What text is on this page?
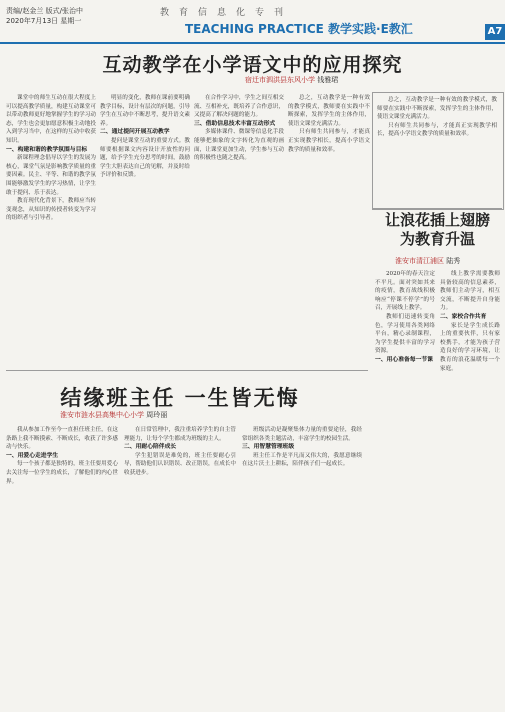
责编/赵金兰 版式/张治中
2020年7月13日 星期一
教育信息化专刊
TEACHING PRACTICE 教学实践·E教汇	A7
互动教学在小学语文中的应用探究
宿迁市泗洪县东风小学 钱雅珺

课堂中的师生互动在很大程度上可以提高教学质量，构建互动课堂可以带动教师更好地掌握学生的学习动态，学生也会更加愿意积极主动地投入到学习当中，在这样的互动中收获知识。

一、构建和谐的教学氛围与目标

新课程理念倡导以学生的发展为核心，课堂气氛是影响教学质量的重要因素。民主、平等、和谐的教学氛围能够激发学生的学习热情，让学生敢于提问、乐于表达。

教育现代化背景下，教师应当转变观念，从知识的传授者转变为学习的组织者与引导者。

明显的变化，教师在课前要明确教学目标，设计有层次的问题，引导学生在互动中不断思考，提升语文素养。

二、通过提问开展互动教学

提问是课堂互动的重要方式。教师要根据课文内容设计开放性的问题，给予学生充分思考的时间，鼓励学生大胆表达自己的见解，并及时给予评价和反馈。

在合作学习中，学生之间互相交流、互相补充，既培养了合作意识，又提高了解决问题的能力。

三、借助信息技术丰富互动形式

多媒体课件、微课等信息化手段能够把抽象的文字转化为直观的画面，让课堂更加生动，学生参与互动的积极性也随之提高。

总之，互动教学是一种有效的教学模式，教师要在实践中不断探索，发挥学生的主体作用，使语文课堂充满活力。

只有师生共同参与，才能真正实现教学相长，提高小学语文教学的质量和效率。

总之，互动教学是一种有效的教学模式，教师要在实践中不断探索，发挥学生的主体作用，使语文课堂充满活力。

只有师生共同参与，才能真正实现教学相长，提高小学语文教学的质量和效率。

让浪花插上翅膀
为教育升温
淮安市清江浦区 陆秀

2020年的春天注定不平凡。面对突如其来的疫情，教育战线积极响应“停课不停学”的号召，开展线上教学。

教师们迅速转变角色，学习使用各类网络平台，精心录制课程，为学生提供丰富的学习资源。

一、用心准备每一节课

线上教学需要教师具备较高的信息素养，教师们主动学习，相互交流，不断提升自身能力。

二、家校合作共育

家长是学生成长路上的重要伙伴，只有家校携手，才能为孩子营造良好的学习环境，让教育的浪花温暖每一个家庭。

结缘班主任 一生皆无悔
淮安市涟水县高集中心小学 周玲丽

我从参加工作至今一直担任班主任，在这条路上我不断摸索、不断成长，收获了许多感动与快乐。

一、用爱心走进学生

每一个孩子都是独特的，班主任要用爱心去关注每一位学生的成长，了解他们的内心世界。

在日常管理中，我注重培养学生的自主管理能力，让每个学生都成为班级的主人。

二、用耐心陪伴成长

学生犯错误是难免的，班主任要耐心引导，帮助他们认识错误、改正错误，在成长中收获进步。

班级活动是凝聚集体力量的重要途径，我经常组织各类主题活动，丰富学生的校园生活。

三、用智慧管理班级

班主任工作是平凡而又伟大的，我愿意继续在这片沃土上耕耘，陪伴孩子们一起成长。
